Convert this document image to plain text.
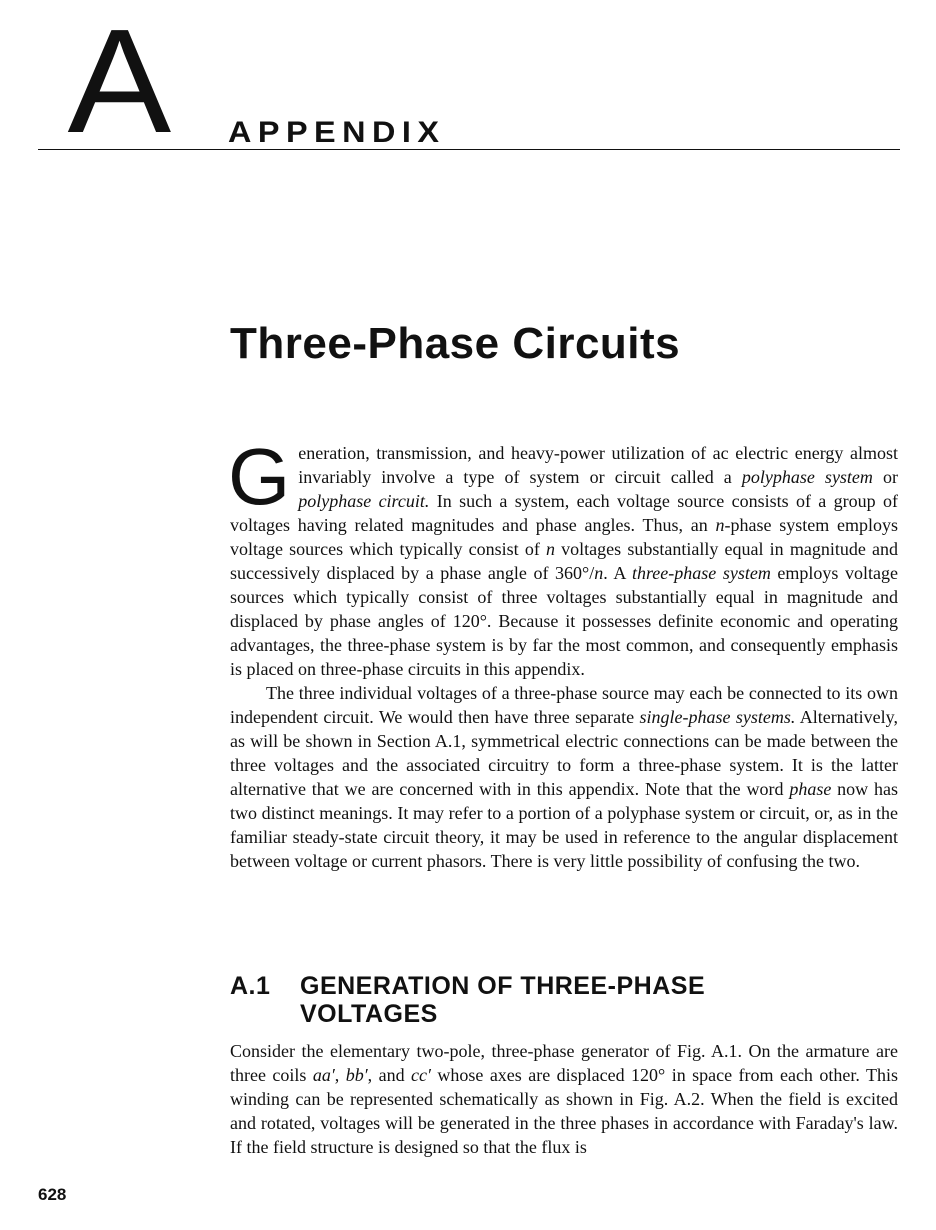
A APPENDIX
Three-Phase Circuits
G eneration, transmission, and heavy-power utilization of ac electric energy almost invariably involve a type of system or circuit called a polyphase system or polyphase circuit. In such a system, each voltage source consists of a group of voltages having related magnitudes and phase angles. Thus, an n-phase system employs voltage sources which typically consist of n voltages substantially equal in magnitude and successively displaced by a phase angle of 360°/n. A three-phase system employs voltage sources which typically consist of three voltages substantially equal in magnitude and displaced by phase angles of 120°. Because it possesses definite economic and operating advantages, the three-phase system is by far the most common, and consequently emphasis is placed on three-phase circuits in this appendix.

The three individual voltages of a three-phase source may each be connected to its own independent circuit. We would then have three separate single-phase systems. Alternatively, as will be shown in Section A.1, symmetrical electric connections can be made between the three voltages and the associated circuitry to form a three-phase system. It is the latter alternative that we are concerned with in this appendix. Note that the word phase now has two distinct meanings. It may refer to a portion of a polyphase system or circuit, or, as in the familiar steady-state circuit theory, it may be used in reference to the angular displacement between voltage or current phasors. There is very little possibility of confusing the two.

A.1 GENERATION OF THREE-PHASE
VOLTAGES

Consider the elementary two-pole, three-phase generator of Fig. A.1. On the armature are three coils aa′, bb′, and cc′ whose axes are displaced 120° in space from each other. This winding can be represented schematically as shown in Fig. A.2. When the field is excited and rotated, voltages will be generated in the three phases in accordance with Faraday's law. If the field structure is designed so that the flux is

628
